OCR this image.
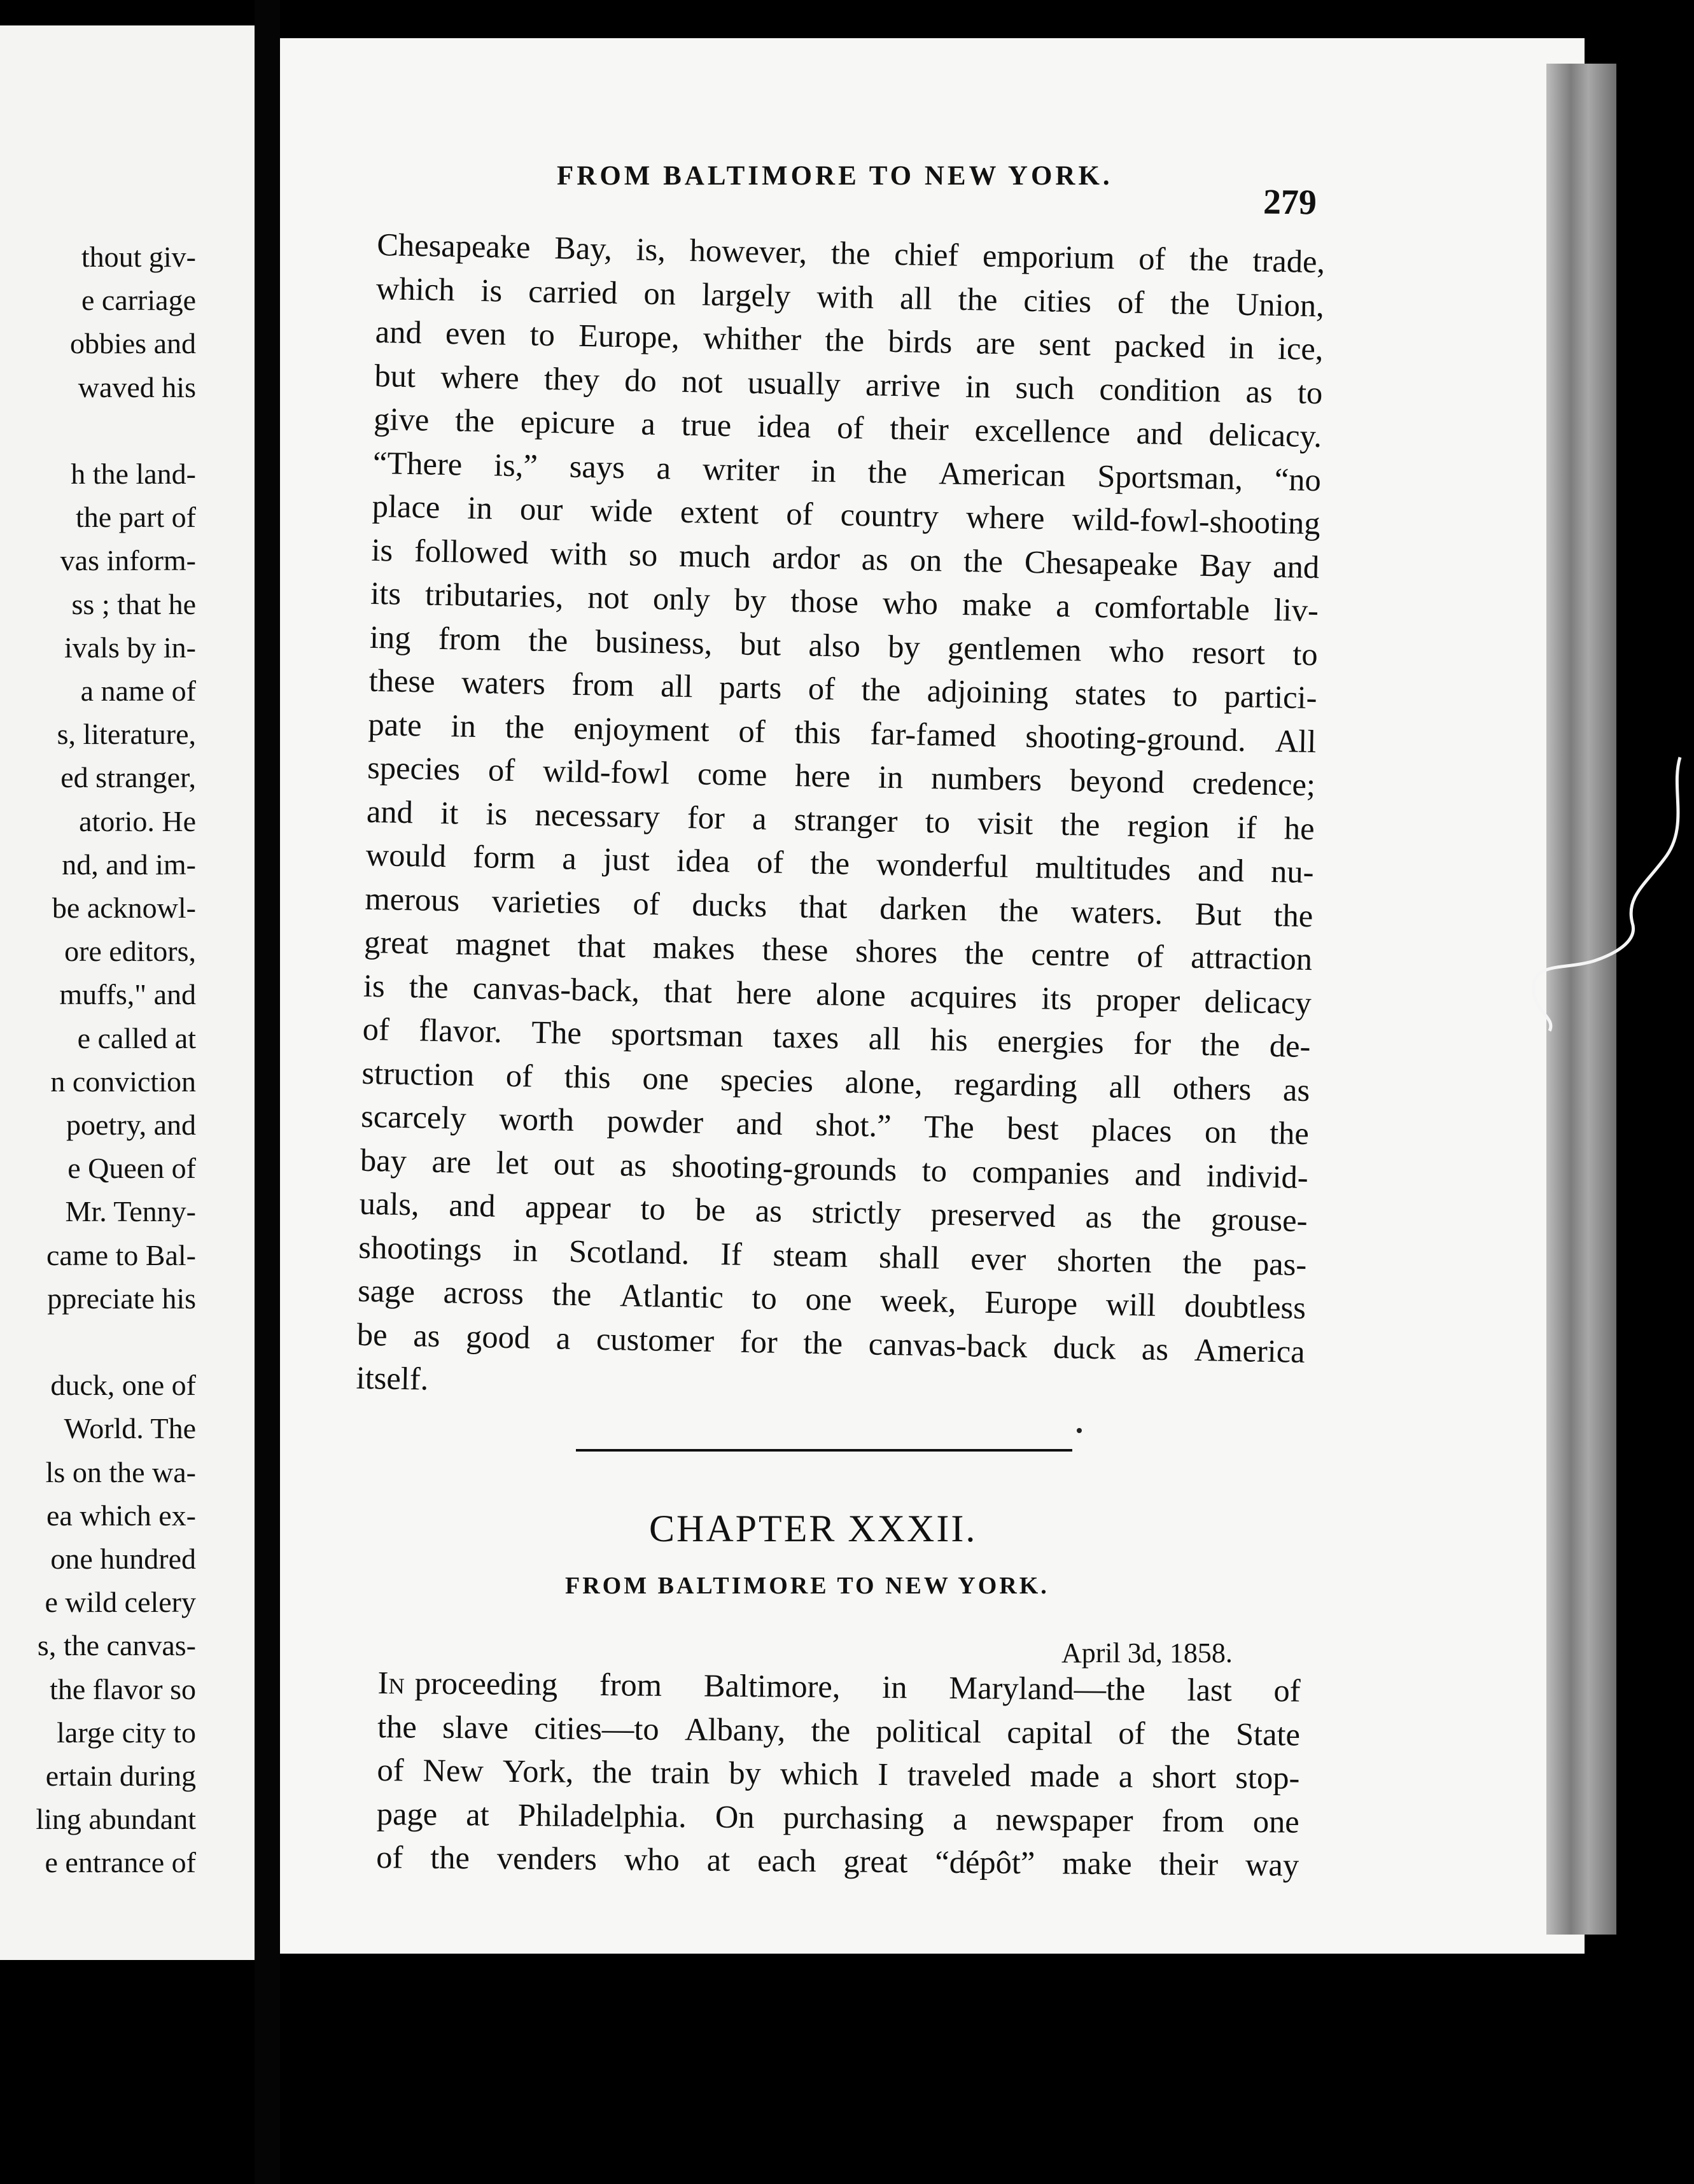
thout giv-
e carriage
obbies and
waved his
h the land-
the part of
vas inform-
ss ; that he
ivals by in-
a name of
s, literature,
ed stranger,
atorio. He
nd, and im-
be acknowl-
ore editors,
muffs," and
e called at
n conviction
poetry, and
e Queen of
Mr. Tenny-
came to Bal-
ppreciate his
duck, one of
World. The
ls on the wa-
ea which ex-
one hundred
e wild celery
s, the canvas-
the flavor so
large city to
ertain during
ling abundant
e entrance of
FROM BALTIMORE TO NEW YORK.
279
Chesapeake Bay, is, however, the chief emporium of the trade,
which is carried on largely with all the cities of the Union,
and even to Europe, whither the birds are sent packed in ice,
but where they do not usually arrive in such condition as to
give the epicure a true idea of their excellence and delicacy.
“There is,” says a writer in the American Sportsman, “no
place in our wide extent of country where wild-fowl-shooting
is followed with so much ardor as on the Chesapeake Bay and
its tributaries, not only by those who make a comfortable liv-
ing from the business, but also by gentlemen who resort to
these waters from all parts of the adjoining states to partici-
pate in the enjoyment of this far-famed shooting-ground. All
species of wild-fowl come here in numbers beyond credence;
and it is necessary for a stranger to visit the region if he
would form a just idea of the wonderful multitudes and nu-
merous varieties of ducks that darken the waters. But the
great magnet that makes these shores the centre of attraction
is the canvas-back, that here alone acquires its proper delicacy
of flavor. The sportsman taxes all his energies for the de-
struction of this one species alone, regarding all others as
scarcely worth powder and shot.” The best places on the
bay are let out as shooting-grounds to companies and individ-
uals, and appear to be as strictly preserved as the grouse-
shootings in Scotland. If steam shall ever shorten the pas-
sage across the Atlantic to one week, Europe will doubtless
be as good a customer for the canvas-back duck as America
itself.
CHAPTER XXXII.
FROM BALTIMORE TO NEW YORK.
April 3d, 1858.
In proceeding from Baltimore, in Maryland—the last of
the slave cities—to Albany, the political capital of the State
of New York, the train by which I traveled made a short stop-
page at Philadelphia. On purchasing a newspaper from one
of the venders who at each great “dépôt” make their way
